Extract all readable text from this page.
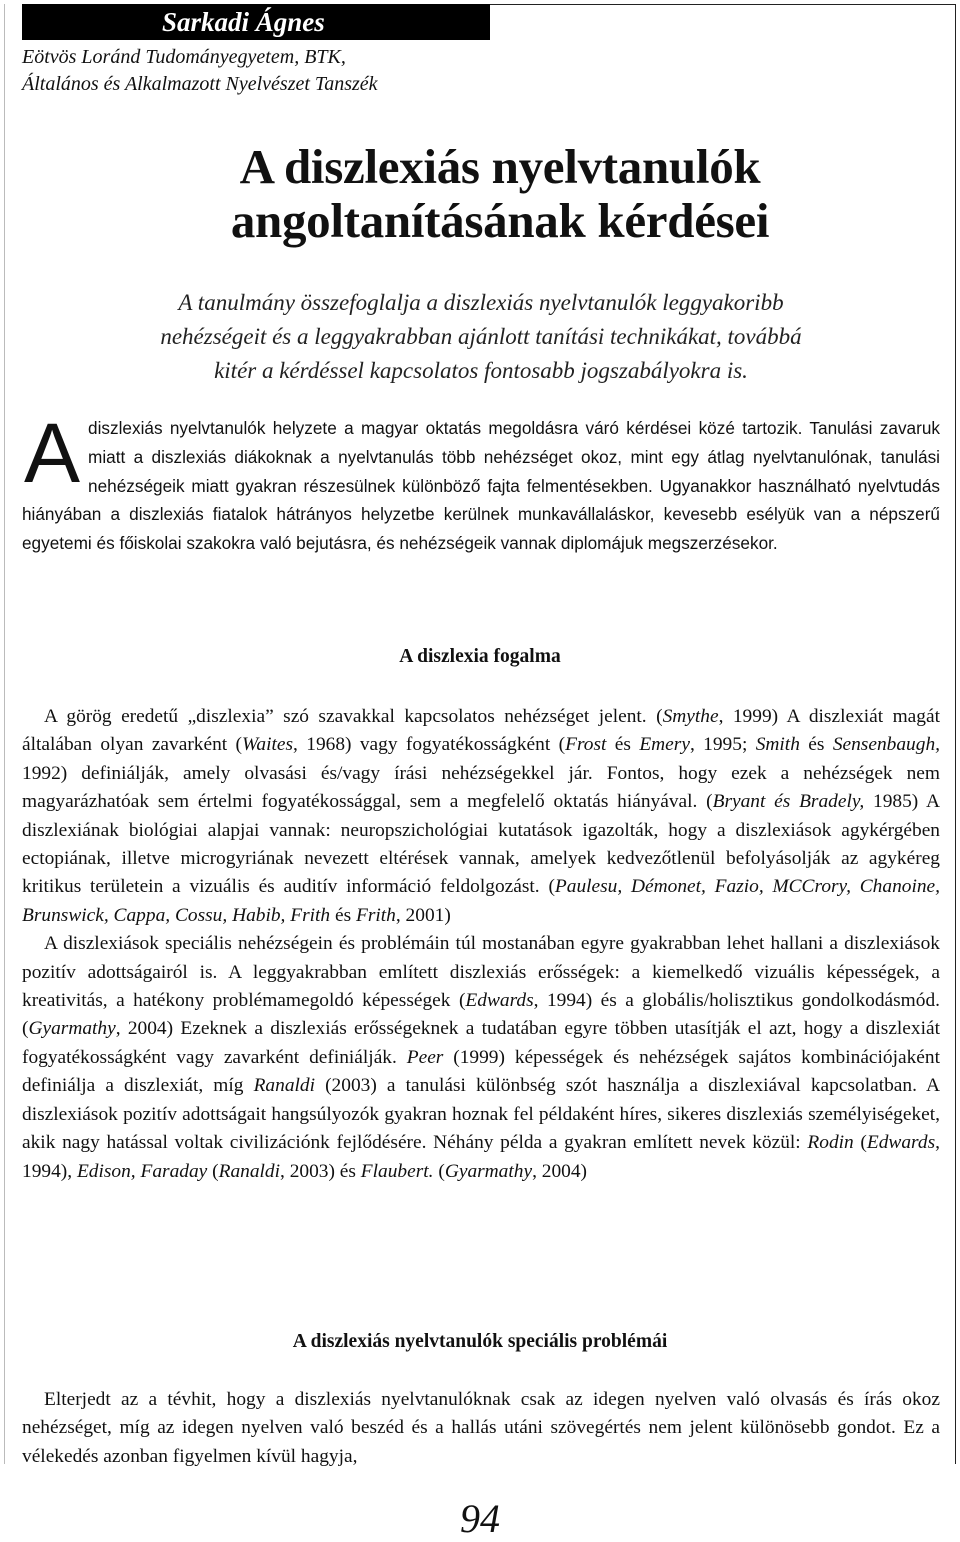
Sarkadi Ágnes
Eötvös Loránd Tudományegyetem, BTK,
Általános és Alkalmazott Nyelvészet Tanszék
A diszlexiás nyelvtanulók
angoltanításának kérdései
A tanulmány összefoglalja a diszlexiás nyelvtanulók leggyakoribb
nehézségeit és a leggyakrabban ajánlott tanítási technikákat, továbbá
kitér a kérdéssel kapcsolatos fontosabb jogszabályokra is.
A diszlexiás nyelvtanulók helyzete a magyar oktatás megoldásra váró kérdései közé tartozik. Tanulási zavaruk miatt a diszlexiás diákoknak a nyelvtanulás több nehézséget okoz, mint egy átlag nyelvtanulónak, tanulási nehézségeik miatt gyakran részesülnek különböző fajta felmentésekben. Ugyanakkor használható nyelvtudás hiányában a diszlexiás fiatalok hátrányos helyzetbe kerülnek munkavállaláskor, kevesebb esélyük van a népszerű egyetemi és főiskolai szakokra való bejutásra, és nehézségeik vannak diplomájuk megszerzésekor.
A diszlexia fogalma

A görög eredetű „diszlexia” szó szavakkal kapcsolatos nehézséget jelent. (Smythe, 1999) A diszlexiát magát általában olyan zavarként (Waites, 1968) vagy fogyatékosságként (Frost és Emery, 1995; Smith és Sensenbaugh, 1992) definiálják, amely olvasási és/vagy írási nehézségekkel jár. Fontos, hogy ezek a nehézségek nem magyarázhatóak sem értelmi fogyatékossággal, sem a megfelelő oktatás hiányával. (Bryant és Bradely, 1985) A diszlexiának biológiai alapjai vannak: neuropszichológiai kutatások igazolták, hogy a diszlexiások agykérgében ectopiának, illetve microgyriának nevezett eltérések vannak, amelyek kedvezőtlenül befolyásolják az agykéreg kritikus területein a vizuális és auditív információ feldolgozást. (Paulesu, Démonet, Fazio, MCCrory, Chanoine, Brunswick, Cappa, Cossu, Habib, Frith és Frith, 2001)

A diszlexiások speciális nehézségein és problémáin túl mostanában egyre gyakrabban lehet hallani a diszlexiások pozitív adottságairól is. A leggyakrabban említett diszlexiás erősségek: a kiemelkedő vizuális képességek, a kreativitás, a hatékony problémamegoldó képességek (Edwards, 1994) és a globális/holisztikus gondolkodásmód. (Gyarmathy, 2004) Ezeknek a diszlexiás erősségeknek a tudatában egyre többen utasítják el azt, hogy a diszlexiát fogyatékosságként vagy zavarként definiálják. Peer (1999) képességek és nehézségek sajátos kombinációjaként definiálja a diszlexiát, míg Ranaldi (2003) a tanulási különbség szót használja a diszlexiával kapcsolatban. A diszlexiások pozitív adottságait hangsúlyozók gyakran hoznak fel példaként híres, sikeres diszlexiás személyiségeket, akik nagy hatással voltak civilizációnk fejlődésére. Néhány példa a gyakran említett nevek közül: Rodin (Edwards, 1994), Edison, Faraday (Ranaldi, 2003) és Flaubert. (Gyarmathy, 2004)

A diszlexiás nyelvtanulók speciális problémái

Elterjedt az a tévhit, hogy a diszlexiás nyelvtanulóknak csak az idegen nyelven való olvasás és írás okoz nehézséget, míg az idegen nyelven való beszéd és a hallás utáni szövegértés nem jelent különösebb gondot. Ez a vélekedés azonban figyelmen kívül hagyja,

94
